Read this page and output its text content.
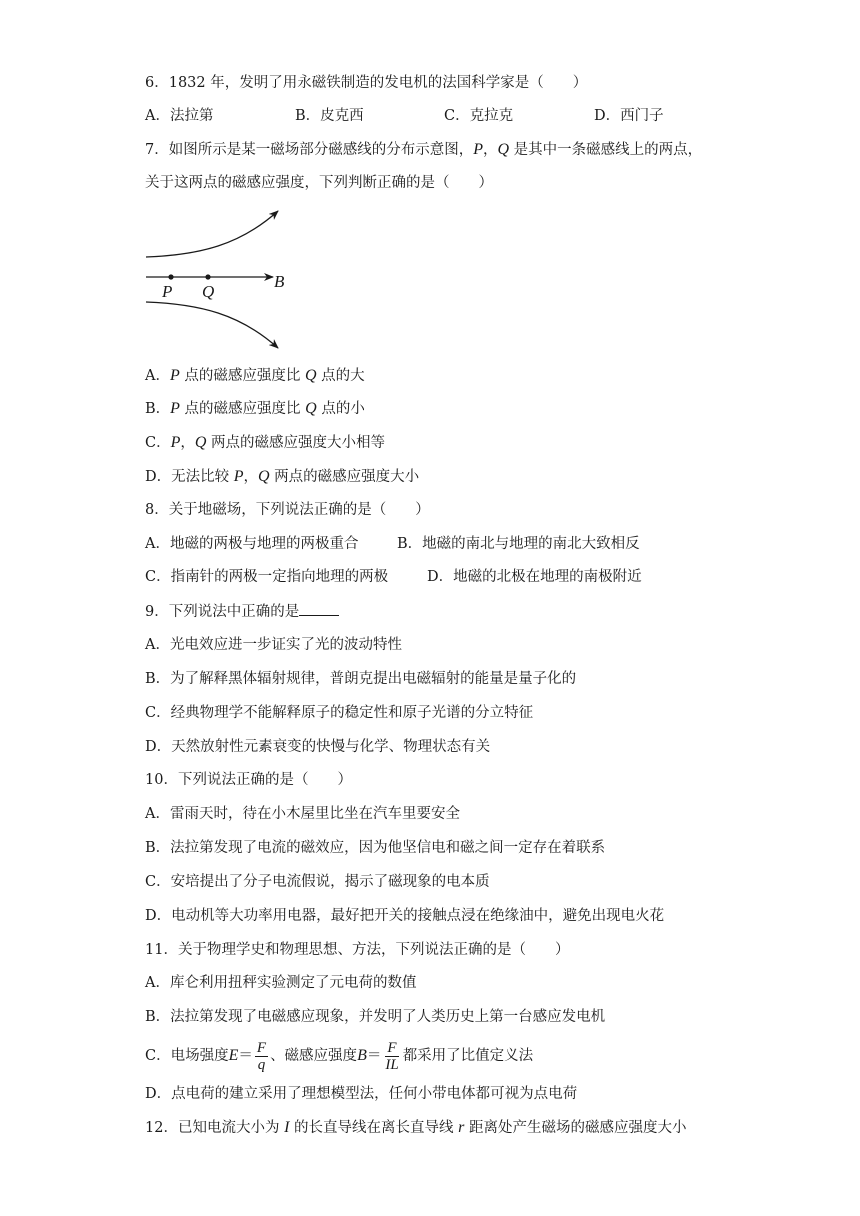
6．1832 年，发明了用永磁铁制造的发电机的法国科学家是（　　）
A．法拉第	B．皮克西	C．克拉克	D．西门子
7．如图所示是某一磁场部分磁感线的分布示意图，P，Q 是其中一条磁感线上的两点，
关于这两点的磁感应强度，下列判断正确的是（　　）
P Q
B
A．P 点的磁感应强度比 Q 点的大
B．P 点的磁感应强度比 Q 点的小
C．P，Q 两点的磁感应强度大小相等
D．无法比较 P，Q 两点的磁感应强度大小
8．关于地磁场，下列说法正确的是（　　）
A．地磁的两极与地理的两极重合	B．地磁的南北与地理的南北大致相反
C．指南针的两极一定指向地理的两极	D．地磁的北极在地理的南极附近
9．下列说法中正确的是
A．光电效应进一步证实了光的波动特性
B．为了解释黑体辐射规律，普朗克提出电磁辐射的能量是量子化的
C．经典物理学不能解释原子的稳定性和原子光谱的分立特征
D．天然放射性元素衰变的快慢与化学、物理状态有关
10．下列说法正确的是（　　）
A．雷雨天时，待在小木屋里比坐在汽车里要安全
B．法拉第发现了电流的磁效应，因为他坚信电和磁之间一定存在着联系
C．安培提出了分子电流假说，揭示了磁现象的电本质
D．电动机等大功率用电器，最好把开关的接触点浸在绝缘油中，避免出现电火花
11．关于物理学史和物理思想、方法，下列说法正确的是（　　）
A．库仑利用扭秤实验测定了元电荷的数值
B．法拉第发现了电磁感应现象，并发明了人类历史上第一台感应发电机
C．电场强度 $E = \frac{F}{q}$ 、磁感应强度 $B = \frac{F}{IL}$ 都采用了比值定义法
D．点电荷的建立采用了理想模型法，任何小带电体都可视为点电荷
12．已知电流大小为 I 的长直导线在离长直导线 r 距离处产生磁场的磁感应强度大小
